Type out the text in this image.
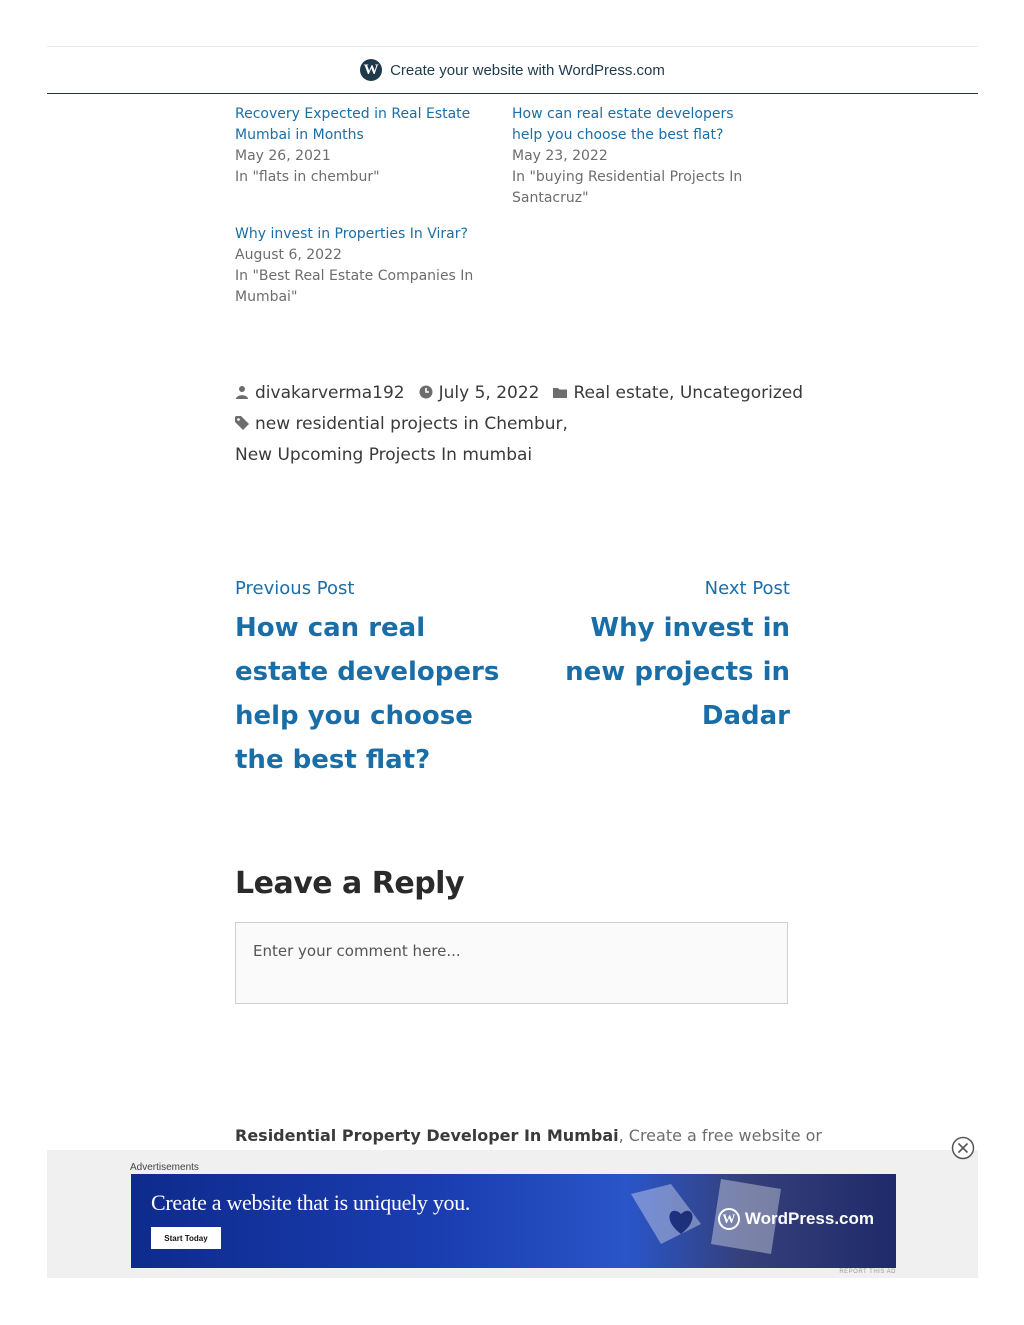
W Create your website with WordPress.com
Recovery Expected in Real Estate Mumbai in Months
May 26, 2021
In "flats in chembur"
How can real estate developers help you choose the best flat?
May 23, 2022
In "buying Residential Projects In Santacruz"
Why invest in Properties In Virar?
August 6, 2022
In "Best Real Estate Companies In Mumbai"
divakarverma192 July 5, 2022 Real estate, Uncategorized
new residential projects in Chembur,
New Upcoming Projects In mumbai
Previous Post
How can real estate developers help you choose the best flat?
Next Post
Why invest in new projects in Dadar
Leave a Reply
Enter your comment here...
Residential Property Developer In Mumbai, Create a free website or
Advertisements
Create a website that is uniquely you.
Start Today
W WordPress.com
REPORT THIS AD
